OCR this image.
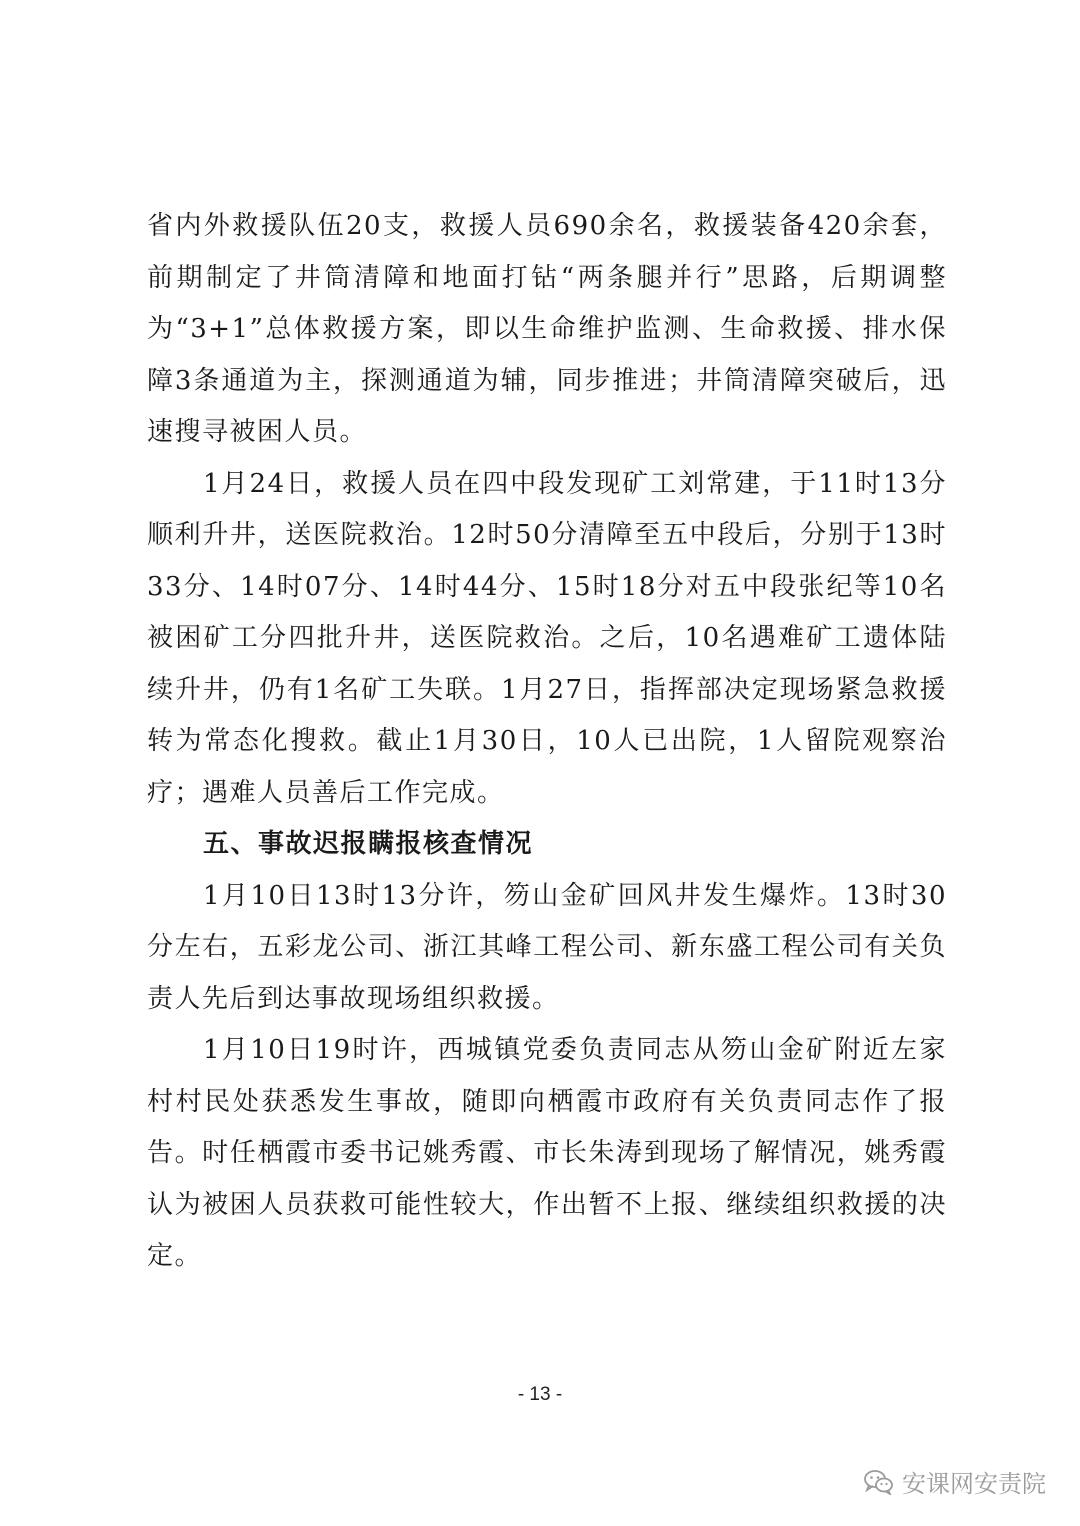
省内外救援队伍20支，救援人员690余名，救援装备420余套，前期制定了井筒清障和地面打钻“两条腿并行”思路，后期调整为“3+1”总体救援方案，即以生命维护监测、生命救援、排水保障3条通道为主，探测通道为辅，同步推进；井筒清障突破后，迅速搜寻被困人员。

1月24日，救援人员在四中段发现矿工刘常建，于11时13分顺利升井，送医院救治。12时50分清障至五中段后，分别于13时33分、14时07分、14时44分、15时18分对五中段张纪等10名被困矿工分四批升井，送医院救治。之后，10名遇难矿工遗体陆续升井，仍有1名矿工失联。1月27日，指挥部决定现场紧急救援转为常态化搜救。截止1月30日，10人已出院，1人留院观察治疗；遇难人员善后工作完成。

五、事故迟报瞒报核查情况

1月10日13时13分许，笏山金矿回风井发生爆炸。13时30分左右，五彩龙公司、浙江其峰工程公司、新东盛工程公司有关负责人先后到达事故现场组织救援。

1月10日19时许，西城镇党委负责同志从笏山金矿附近左家村村民处获悉发生事故，随即向栖霞市政府有关负责同志作了报告。时任栖霞市委书记姚秀霞、市长朱涛到现场了解情况，姚秀霞认为被困人员获救可能性较大，作出暂不上报、继续组织救援的决定。

- 13 -
安课网安责院
